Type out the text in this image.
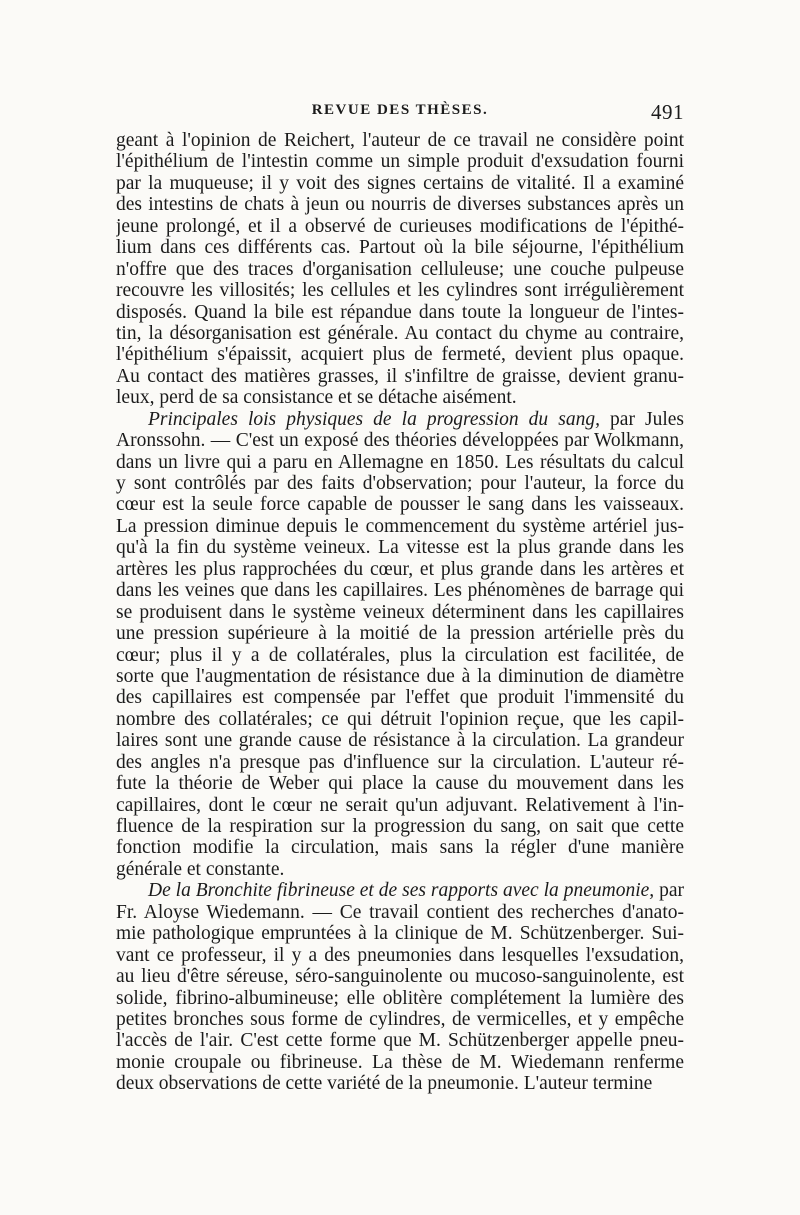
REVUE DES THÈSES.	491
geant à l'opinion de Reichert, l'auteur de ce travail ne considère point
l'épithélium de l'intestin comme un simple produit d'exsudation fourni
par la muqueuse; il y voit des signes certains de vitalité. Il a examiné
des intestins de chats à jeun ou nourris de diverses substances après un
jeune prolongé, et il a observé de curieuses modifications de l'épithé-
lium dans ces différents cas. Partout où la bile séjourne, l'épithélium
n'offre que des traces d'organisation celluleuse; une couche pulpeuse
recouvre les villosités; les cellules et les cylindres sont irrégulièrement
disposés. Quand la bile est répandue dans toute la longueur de l'intes-
tin, la désorganisation est générale. Au contact du chyme au contraire,
l'épithélium s'épaissit, acquiert plus de fermeté, devient plus opaque.
Au contact des matières grasses, il s'infiltre de graisse, devient granu-
leux, perd de sa consistance et se détache aisément.
Principales lois physiques de la progression du sang, par Jules
Aronssohn. — C'est un exposé des théories développées par Wolkmann,
dans un livre qui a paru en Allemagne en 1850. Les résultats du calcul
y sont contrôlés par des faits d'observation; pour l'auteur, la force du
cœur est la seule force capable de pousser le sang dans les vaisseaux.
La pression diminue depuis le commencement du système artériel jus-
qu'à la fin du système veineux. La vitesse est la plus grande dans les
artères les plus rapprochées du cœur, et plus grande dans les artères et
dans les veines que dans les capillaires. Les phénomènes de barrage qui
se produisent dans le système veineux déterminent dans les capillaires
une pression supérieure à la moitié de la pression artérielle près du
cœur; plus il y a de collatérales, plus la circulation est facilitée, de
sorte que l'augmentation de résistance due à la diminution de diamètre
des capillaires est compensée par l'effet que produit l'immensité du
nombre des collatérales; ce qui détruit l'opinion reçue, que les capil-
laires sont une grande cause de résistance à la circulation. La grandeur
des angles n'a presque pas d'influence sur la circulation. L'auteur ré-
fute la théorie de Weber qui place la cause du mouvement dans les
capillaires, dont le cœur ne serait qu'un adjuvant. Relativement à l'in-
fluence de la respiration sur la progression du sang, on sait que cette
fonction modifie la circulation, mais sans la régler d'une manière
générale et constante.
De la Bronchite fibrineuse et de ses rapports avec la pneumonie, par
Fr. Aloyse Wiedemann. — Ce travail contient des recherches d'anato-
mie pathologique empruntées à la clinique de M. Schützenberger. Sui-
vant ce professeur, il y a des pneumonies dans lesquelles l'exsudation,
au lieu d'être séreuse, séro-sanguinolente ou mucoso-sanguinolente, est
solide, fibrino-albumineuse; elle oblitère complétement la lumière des
petites bronches sous forme de cylindres, de vermicelles, et y empêche
l'accès de l'air. C'est cette forme que M. Schützenberger appelle pneu-
monie croupale ou fibrineuse. La thèse de M. Wiedemann renferme
deux observations de cette variété de la pneumonie. L'auteur termine
